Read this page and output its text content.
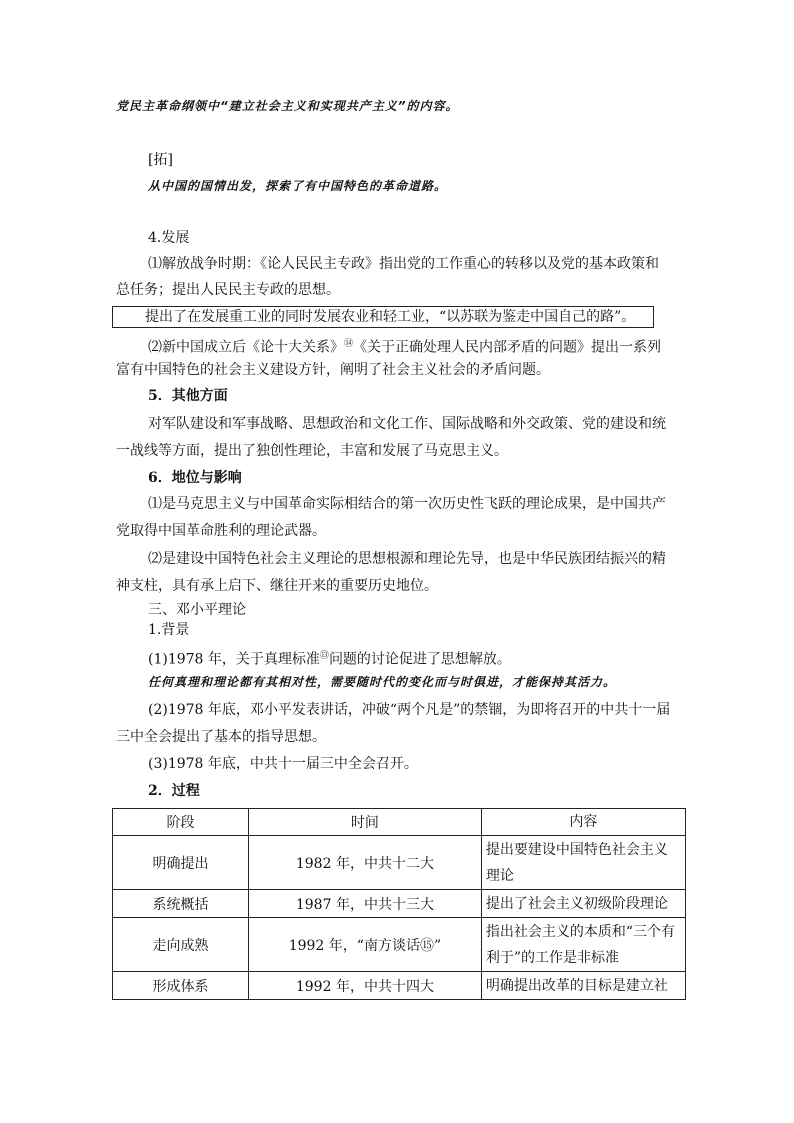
党民主革命纲领中“建立社会主义和实现共产主义”的内容。
[拓]
从中国的国情出发，探索了有中国特色的革命道路。
4.发展
⑴解放战争时期：《论人民民主专政》指出党的工作重心的转移以及党的基本政策和
总任务；提出人民民主专政的思想。
提出了在发展重工业的同时发展农业和轻工业，“以苏联为鉴走中国自己的路”。
⑵新中国成立后《论十大关系》⑭《关于正确处理人民内部矛盾的问题》提出一系列
富有中国特色的社会主义建设方针，阐明了社会主义社会的矛盾问题。
5．其他方面
对军队建设和军事战略、思想政治和文化工作、国际战略和外交政策、党的建设和统
一战线等方面，提出了独创性理论，丰富和发展了马克思主义。
6．地位与影响
⑴是马克思主义与中国革命实际相结合的第一次历史性飞跃的理论成果，是中国共产
党取得中国革命胜利的理论武器。
⑵是建设中国特色社会主义理论的思想根源和理论先导，也是中华民族团结振兴的精
神支柱，具有承上启下、继往开来的重要历史地位。
三、邓小平理论
1.背景
(1)1978 年，关于真理标准⑬问题的讨论促进了思想解放。
任何真理和理论都有其相对性，需要随时代的变化而与时俱进，才能保持其活力。
(2)1978 年底，邓小平发表讲话，冲破“两个凡是”的禁锢，为即将召开的中共十一届
三中全会提出了基本的指导思想。
(3)1978 年底，中共十一届三中全会召开。
2．过程
阶段	时间	内容
明确提出	1982 年，中共十二大	提出要建设中国特色社会主义理论
系统概括	1987 年，中共十三大	提出了社会主义初级阶段理论
走向成熟	1992 年，“南方谈话⑮”	指出社会主义的本质和“三个有利于”的工作是非标准
形成体系	1992 年，中共十四大	明确提出改革的目标是建立社
